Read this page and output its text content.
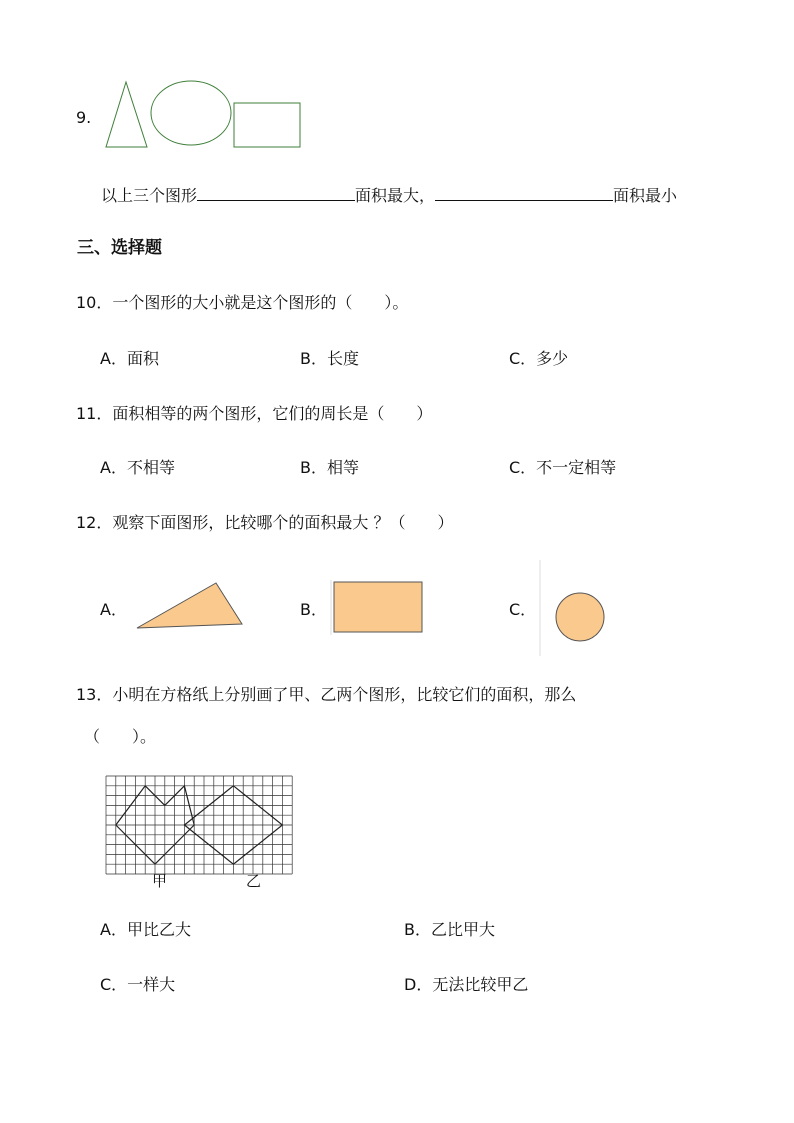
9.
以上三个图形	面积最大，	面积最小
三、选择题
10．一个图形的大小就是这个图形的（　　）。
A．面积	B．长度	C．多少
11．面积相等的两个图形，它们的周长是（　　）
A．不相等	B．相等	C．不一定相等
12．观察下面图形，比较哪个的面积最大 ？（　　）
A．	B．	C．
13．小明在方格纸上分别画了甲、乙两个图形，比较它们的面积，那么
（　　）。
甲	乙
A．甲比乙大	B．乙比甲大
C．一样大	D．无法比较甲乙
